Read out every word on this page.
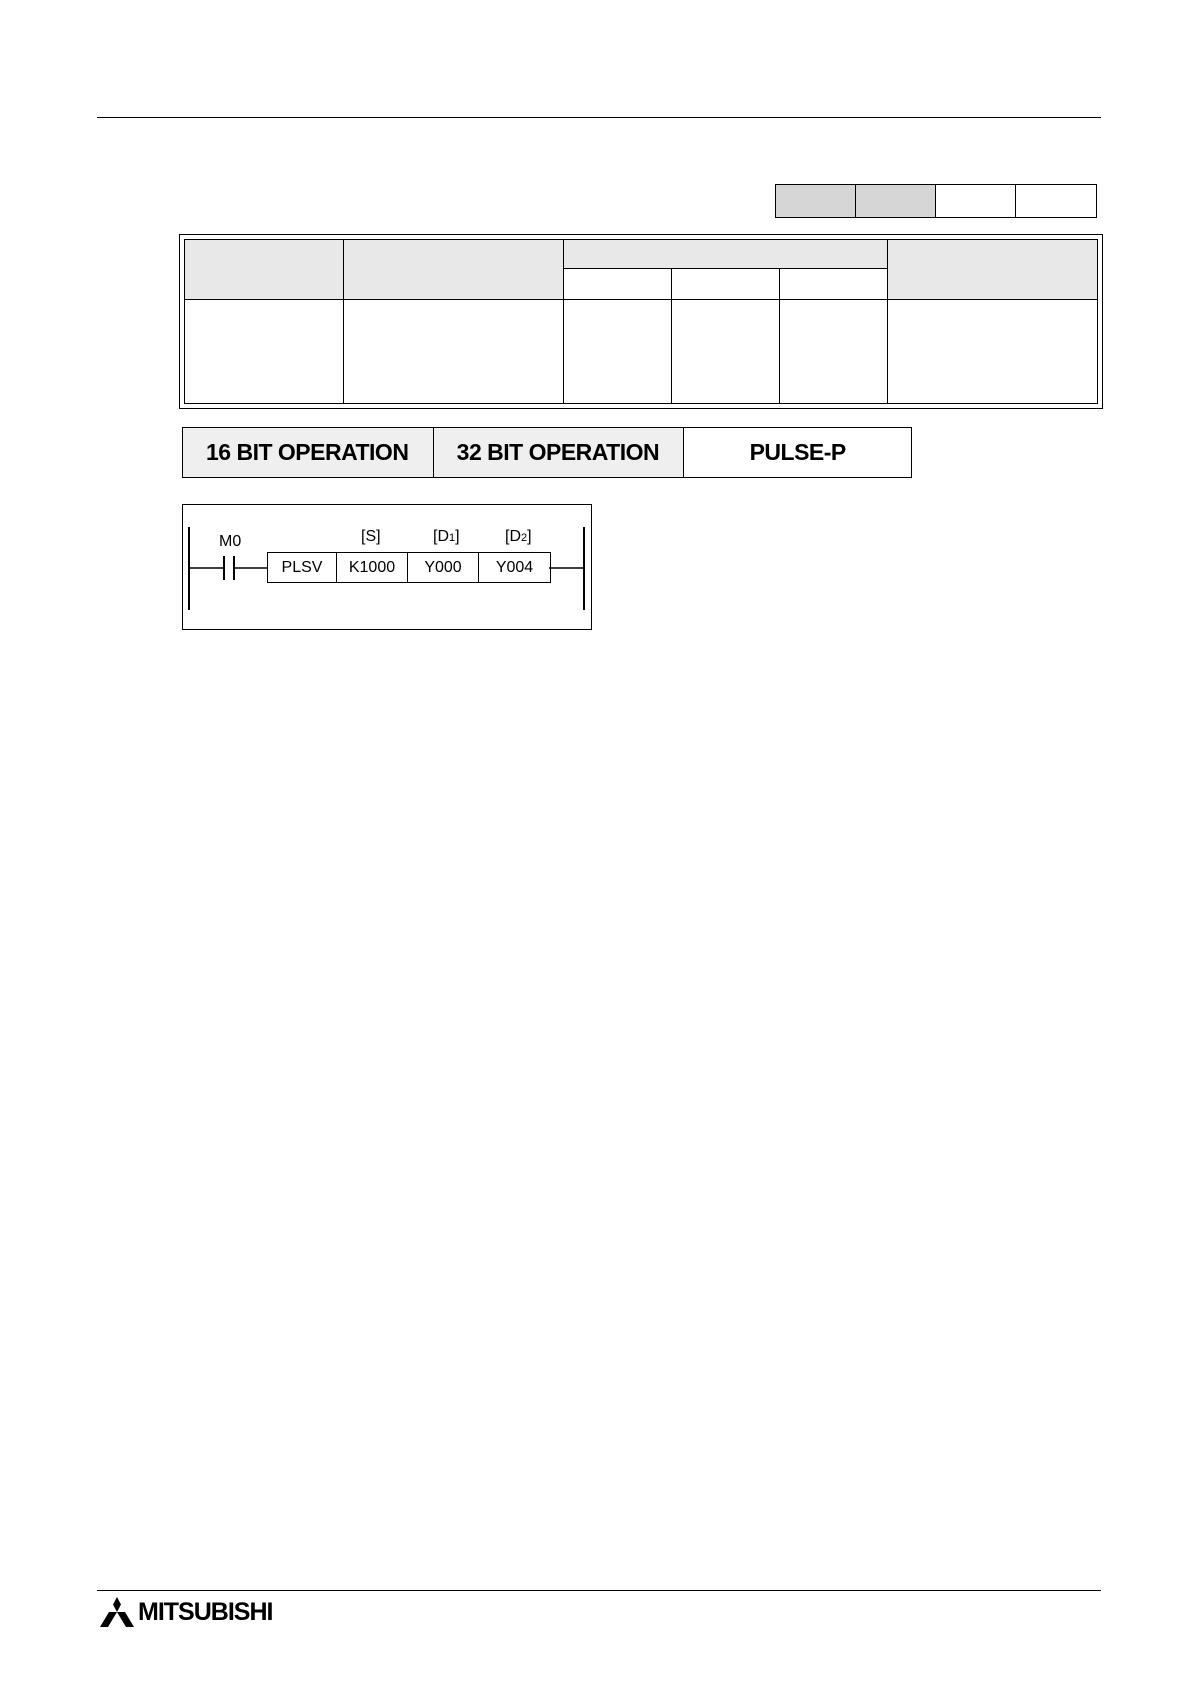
16 BIT OPERATION	32 BIT OPERATION	PULSE-P
M0	[S]	[D1]	[D2]
PLSV	K1000	Y000	Y004
MITSUBISHI
